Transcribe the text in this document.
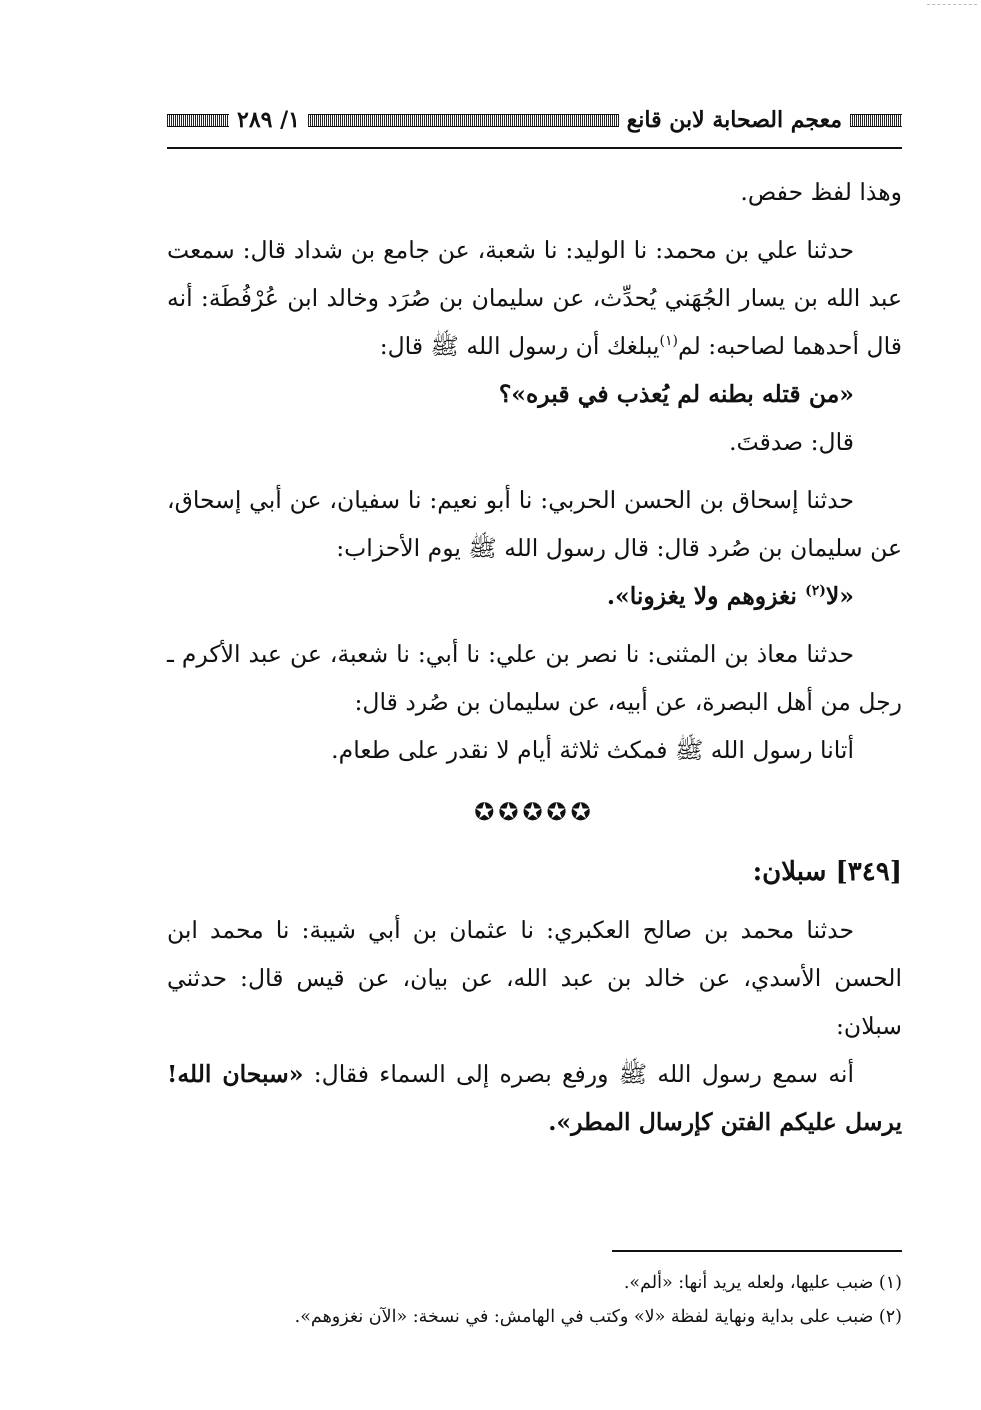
معجم الصحابة لابن قانع
١/ ٢٨٩

وهذا لفظ حفص.

حدثنا علي بن محمد: نا الوليد: نا شعبة، عن جامع بن شداد قال: سمعت عبد الله بن يسار الجُهَني يُحدِّث، عن سليمان بن صُرَد وخالد ابن عُرْفُطَة: أنه قال أحدهما لصاحبه: لم$^{(١)}$يبلغك أن رسول الله ﷺ قال:

«من قتله بطنه لم يُعذب في قبره»؟

قال: صدقتَ.

حدثنا إسحاق بن الحسن الحربي: نا أبو نعيم: نا سفيان، عن أبي إسحاق، عن سليمان بن صُرد قال: قال رسول الله ﷺ يوم الأحزاب:

«لا$^{(٢)}$ نغزوهم ولا يغزونا».

حدثنا معاذ بن المثنى: نا نصر بن علي: نا أبي: نا شعبة، عن عبد الأكرم ـ رجل من أهل البصرة، عن أبيه، عن سليمان بن صُرد قال:

أتانا رسول الله ﷺ فمكث ثلاثة أيام لا نقدر على طعام.

✪✪✪✪✪

[٣٤٩] سبلان:

حدثنا محمد بن صالح العكبري: نا عثمان بن أبي شيبة: نا محمد ابن الحسن الأسدي، عن خالد بن عبد الله، عن بيان، عن قيس قال: حدثني سبلان:

أنه سمع رسول الله ﷺ ورفع بصره إلى السماء فقال: «سبحان الله! يرسل عليكم الفتن كإرسال المطر».

(١) ضبب عليها، ولعله يريد أنها: «ألم».

(٢) ضبب على بداية ونهاية لفظة «لا» وكتب في الهامش: في نسخة: «الآن نغزوهم».
